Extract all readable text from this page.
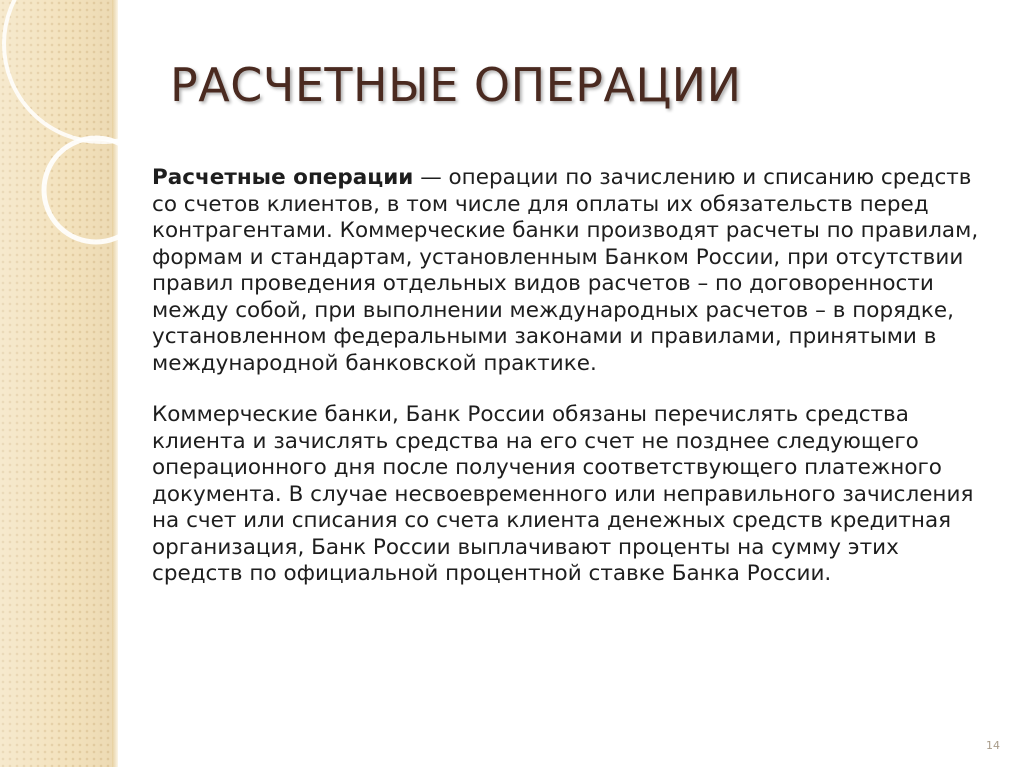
РАСЧЕТНЫЕ ОПЕРАЦИИ

Расчетные операции — операции по зачислению и списанию средств со счетов клиентов, в том числе для оплаты их обязательств перед контрагентами. Коммерческие банки производят расчеты по правилам, формам и стандартам, установленным Банком России, при отсутствии правил проведения отдельных видов расчетов – по договоренности между собой, при выполнении международных расчетов – в порядке, установленном федеральными законами и правилами, принятыми в международной банковской практике.

Коммерческие банки, Банк России обязаны перечислять средства клиента и зачислять средства на его счет не позднее следующего операционного дня после получения соответствующего платежного документа. В случае несвоевременного или неправильного зачисления на счет или списания со счета клиента денежных средств кредитная организация, Банк России выплачивают проценты на сумму этих средств по официальной процентной ставке Банка России.

14
